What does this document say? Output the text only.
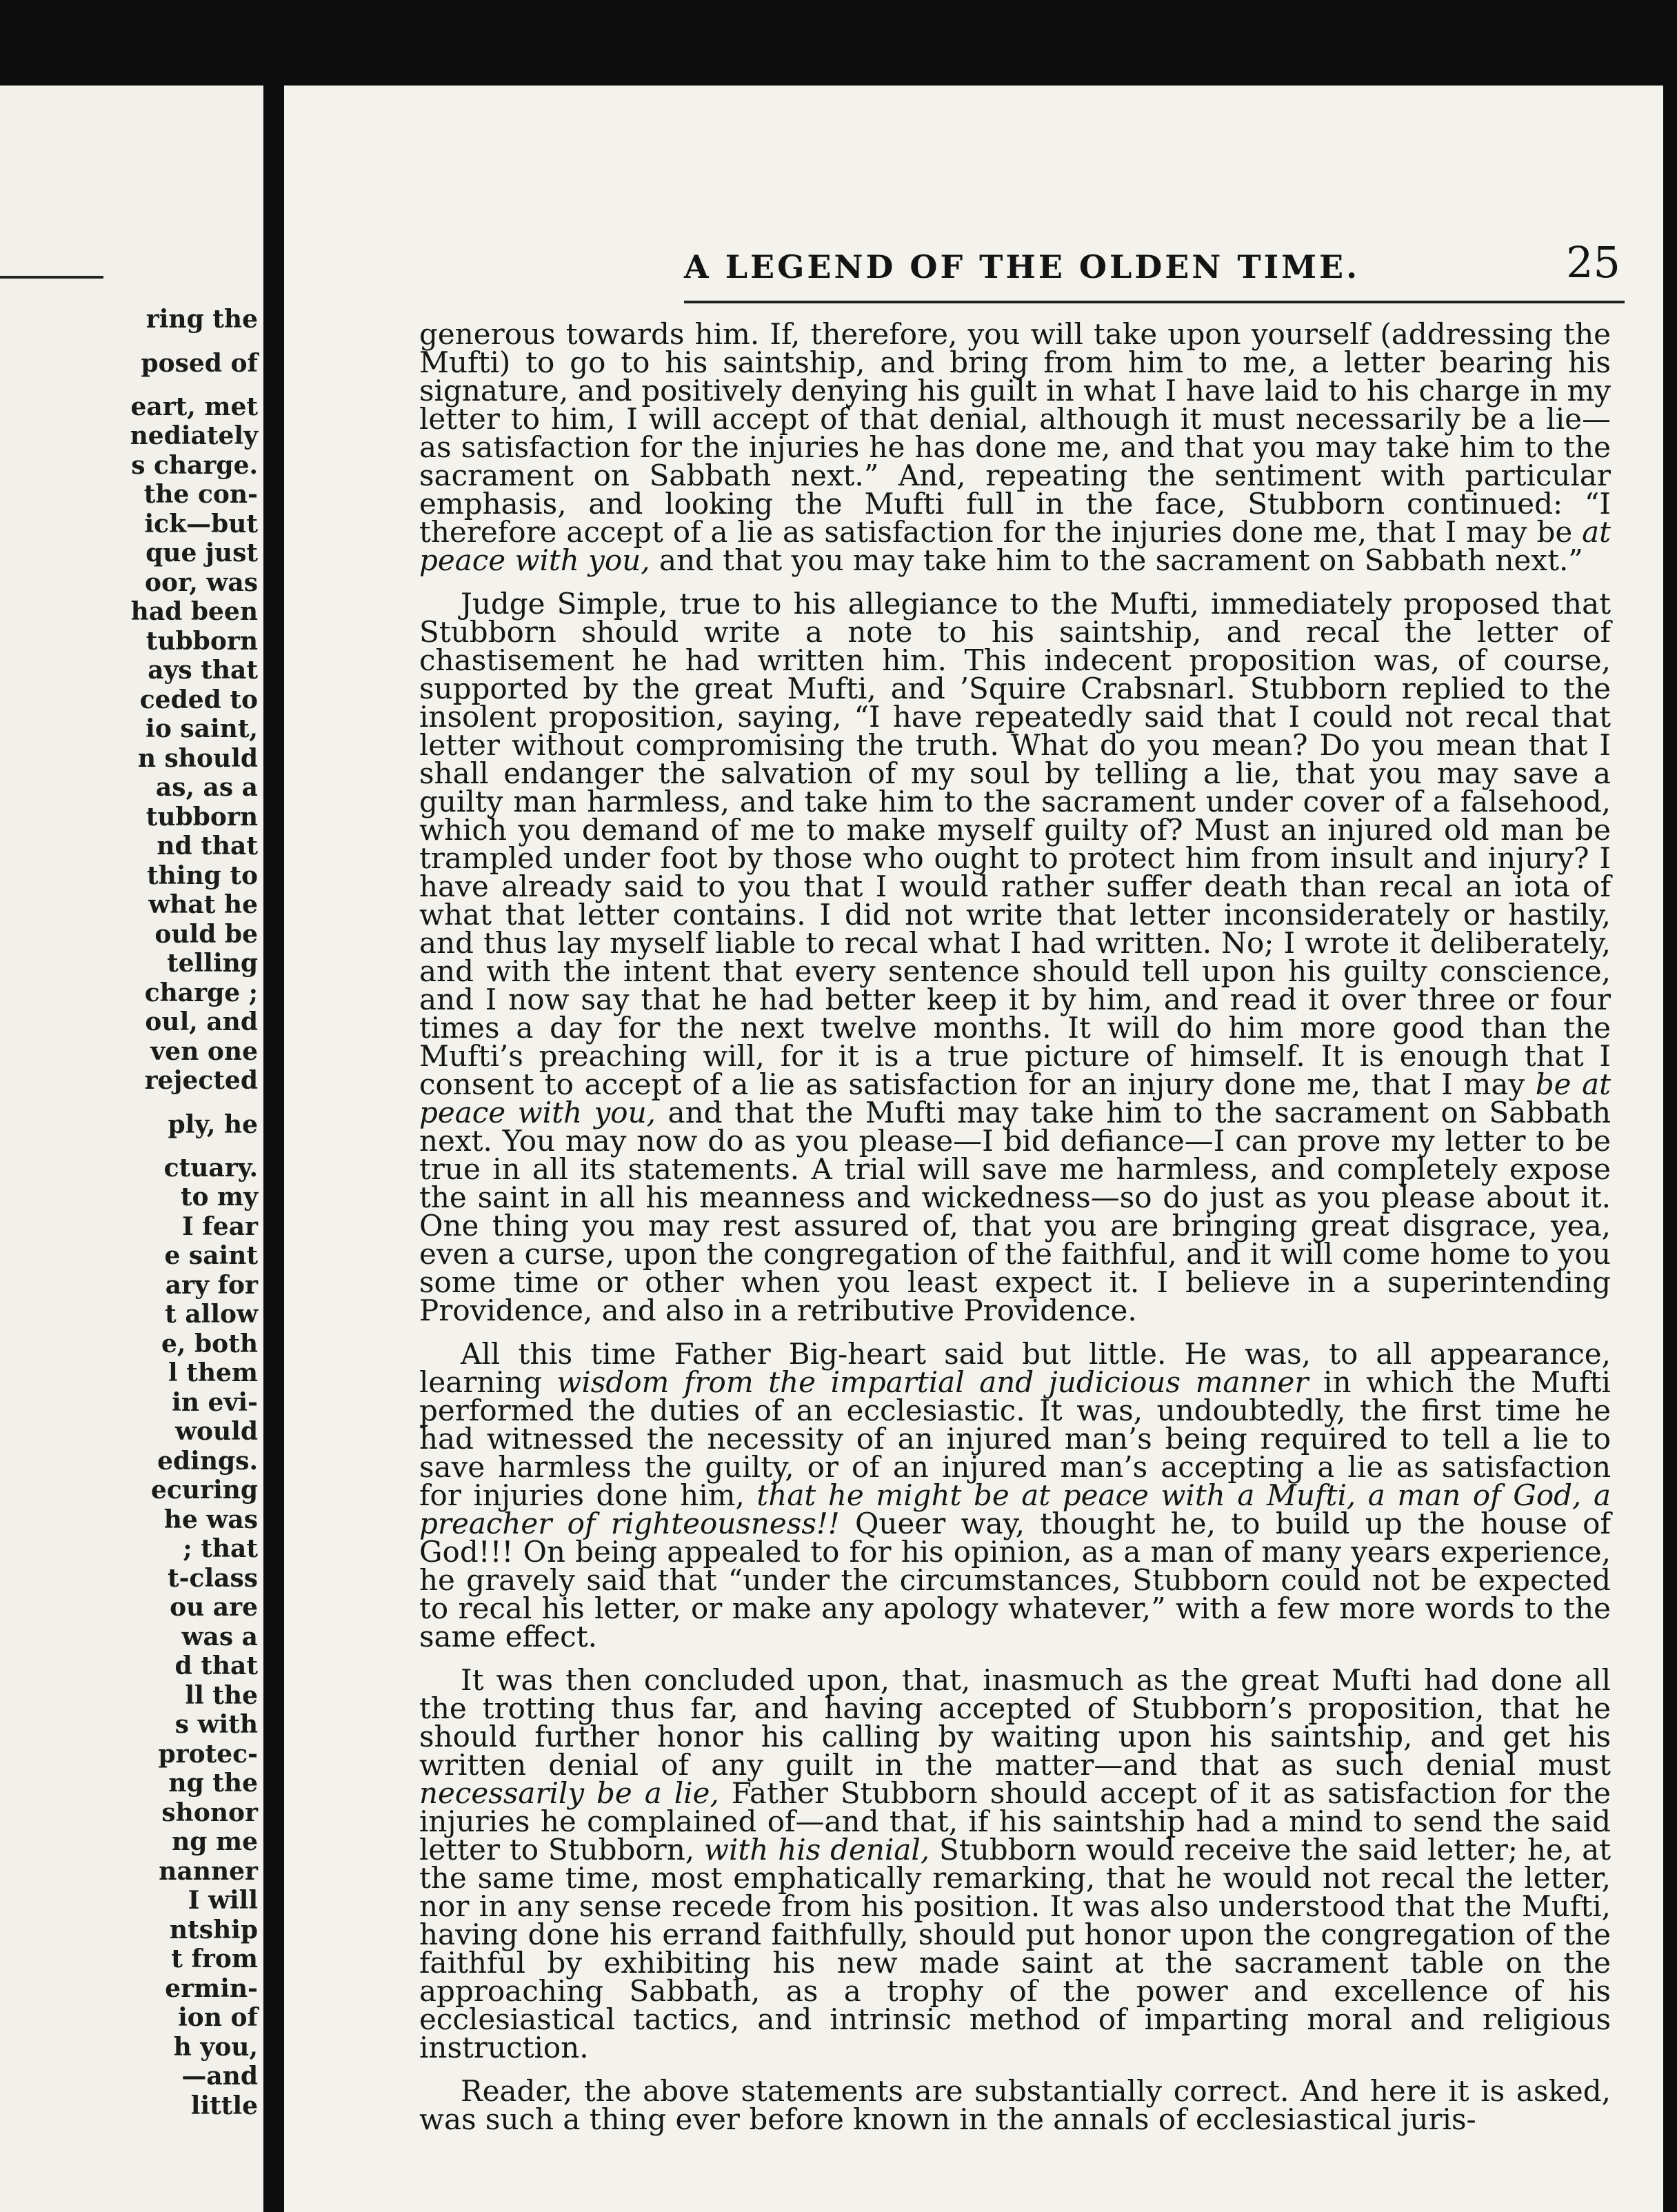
ring the
posed of
eart, met
nediately
s charge.
the con-
ick—but
que just
oor, was
had been
tubborn
ays that
ceded to
io saint,
n should
as, as a
tubborn
nd that
thing to
what he
ould be
telling
charge ;
oul, and
ven one
rejected
ply, he
ctuary.
to my
I fear
e saint
ary for
t allow
e, both
l them
in evi-
would
edings.
ecuring
he was
; that
t-class
ou are
was a
d that
ll the
s with
protec-
ng the
shonor
ng me
nanner
I will
ntship
t from
ermin-
ion of
h you,
—and
little
A LEGEND OF THE OLDEN TIME.	25

generous towards him. If, therefore, you will take upon yourself (addressing the Mufti) to go to his saintship, and bring from him to me, a letter bearing his signature, and positively denying his guilt in what I have laid to his charge in my letter to him, I will accept of that denial, although it must necessarily be a lie—as satisfaction for the injuries he has done me, and that you may take him to the sacrament on Sabbath next.” And, repeating the sentiment with particular emphasis, and looking the Mufti full in the face, Stubborn continued: “I therefore accept of a lie as satisfaction for the injuries done me, that I may be at peace with you, and that you may take him to the sacrament on Sabbath next.”

Judge Simple, true to his allegiance to the Mufti, immediately proposed that Stubborn should write a note to his saintship, and recal the letter of chastisement he had written him. This indecent proposition was, of course, supported by the great Mufti, and ’Squire Crabsnarl. Stubborn replied to the insolent proposition, saying, “I have repeatedly said that I could not recal that letter without compromising the truth. What do you mean? Do you mean that I shall endanger the salvation of my soul by telling a lie, that you may save a guilty man harmless, and take him to the sacrament under cover of a falsehood, which you demand of me to make myself guilty of? Must an injured old man be trampled under foot by those who ought to protect him from insult and injury? I have already said to you that I would rather suffer death than recal an iota of what that letter contains. I did not write that letter inconsiderately or hastily, and thus lay myself liable to recal what I had written. No; I wrote it deliberately, and with the intent that every sentence should tell upon his guilty conscience, and I now say that he had better keep it by him, and read it over three or four times a day for the next twelve months. It will do him more good than the Mufti’s preaching will, for it is a true picture of himself. It is enough that I consent to accept of a lie as satisfaction for an injury done me, that I may be at peace with you, and that the Mufti may take him to the sacrament on Sabbath next. You may now do as you please—I bid defiance—I can prove my letter to be true in all its statements. A trial will save me harmless, and completely expose the saint in all his meanness and wickedness—so do just as you please about it. One thing you may rest assured of, that you are bringing great disgrace, yea, even a curse, upon the congregation of the faithful, and it will come home to you some time or other when you least expect it. I believe in a superintending Providence, and also in a retributive Providence.

All this time Father Big-heart said but little. He was, to all appearance, learning wisdom from the impartial and judicious manner in which the Mufti performed the duties of an ecclesiastic. It was, undoubtedly, the first time he had witnessed the necessity of an injured man’s being required to tell a lie to save harmless the guilty, or of an injured man’s accepting a lie as satisfaction for injuries done him, that he might be at peace with a Mufti, a man of God, a preacher of righteousness!! Queer way, thought he, to build up the house of God!!! On being appealed to for his opinion, as a man of many years experience, he gravely said that “under the circumstances, Stubborn could not be expected to recal his letter, or make any apology whatever,” with a few more words to the same effect.

It was then concluded upon, that, inasmuch as the great Mufti had done all the trotting thus far, and having accepted of Stubborn’s proposition, that he should further honor his calling by waiting upon his saintship, and get his written denial of any guilt in the matter—and that as such denial must necessarily be a lie, Father Stubborn should accept of it as satisfaction for the injuries he complained of—and that, if his saintship had a mind to send the said letter to Stubborn, with his denial, Stubborn would receive the said letter; he, at the same time, most emphatically remarking, that he would not recal the letter, nor in any sense recede from his position. It was also understood that the Mufti, having done his errand faithfully, should put honor upon the congregation of the faithful by exhibiting his new made saint at the sacrament table on the approaching Sabbath, as a trophy of the power and excellence of his ecclesiastical tactics, and intrinsic method of imparting moral and religious instruction.

Reader, the above statements are substantially correct. And here it is asked, was such a thing ever before known in the annals of ecclesiastical juris-
